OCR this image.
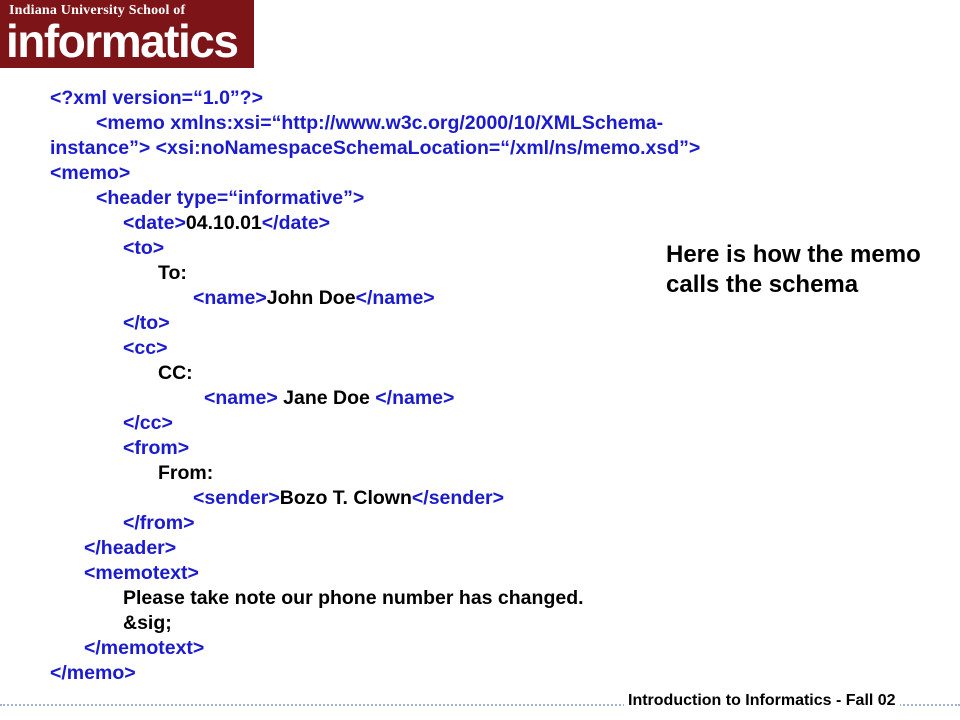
Indiana University School of
informatics
<?xml version=“1.0”?>
<memo xmlns:xsi=“http://www.w3c.org/2000/10/XMLSchema-
instance”> <xsi:noNamespaceSchemaLocation=“/xml/ns/memo.xsd”>
<memo>
<header type=“informative”>
<date>04.10.01</date>
<to>
To:
<name>John Doe</name>
</to>
<cc>
CC:
<name> Jane Doe </name>
</cc>
<from>
From:
<sender>Bozo T. Clown</sender>
</from>
</header>
<memotext>
Please take note our phone number has changed.
&sig;
</memotext>
</memo>
Here is how the memo calls the schema
Introduction to Informatics - Fall 02
